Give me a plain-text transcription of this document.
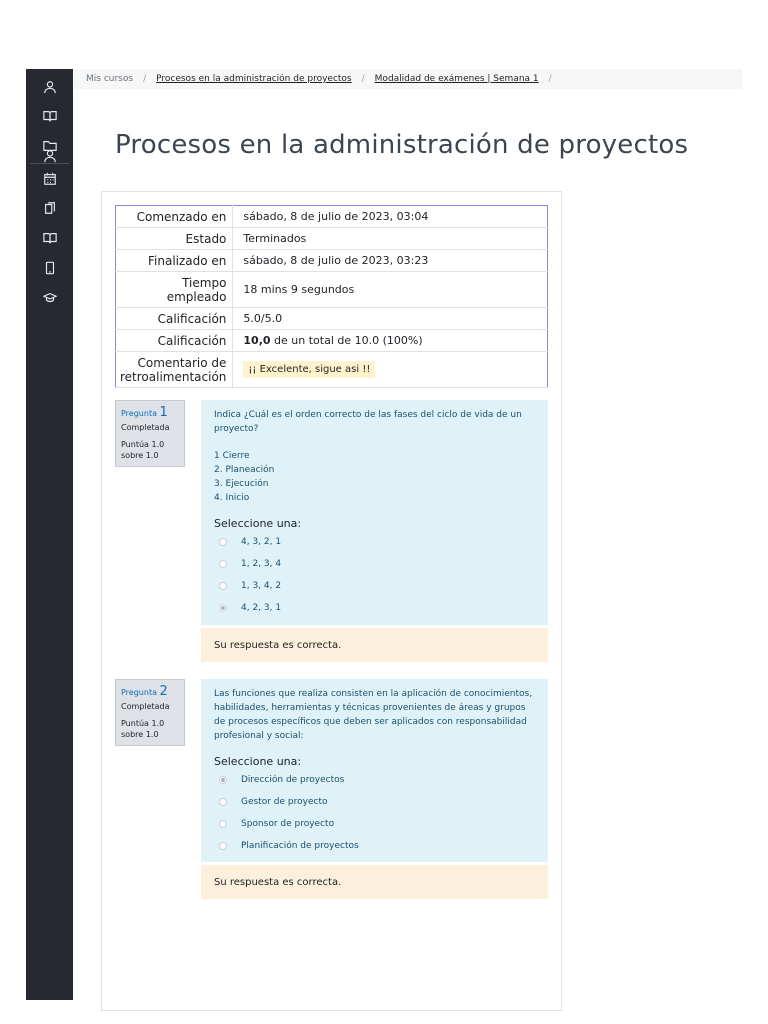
Mis cursos / Procesos en la administración de proyectos / Modalidad de exámenes | Semana 1 /
Procesos en la administración de proyectos
Comenzado en	sábado, 8 de julio de 2023, 03:04
Estado	Terminados
Finalizado en	sábado, 8 de julio de 2023, 03:23
Tiempo empleado	18 mins 9 segundos
Calificación	5.0/5.0
Calificación	10,0 de un total de 10.0 (100%)
Comentario de retroalimentación	¡¡ Excelente, sigue asi !!
Pregunta 1
Completada
Puntúa 1.0 sobre 1.0
Indica ¿Cuál es el orden correcto de las fases del ciclo de vida de un proyecto?
1 Cierre
2. Planeación
3. Ejecución
4. Inicio
Seleccione una:
4, 3, 2, 1
1, 2, 3, 4
1, 3, 4, 2
4, 2, 3, 1
Su respuesta es correcta.
Pregunta 2
Completada
Puntúa 1.0 sobre 1.0
Las funciones que realiza consisten en la aplicación de conocimientos, habilidades, herramientas y técnicas provenientes de áreas y grupos de procesos específicos que deben ser aplicados con responsabilidad profesional y social:
Seleccione una:
Dirección de proyectos
Gestor de proyecto
Sponsor de proyecto
Planificación de proyectos
Su respuesta es correcta.
